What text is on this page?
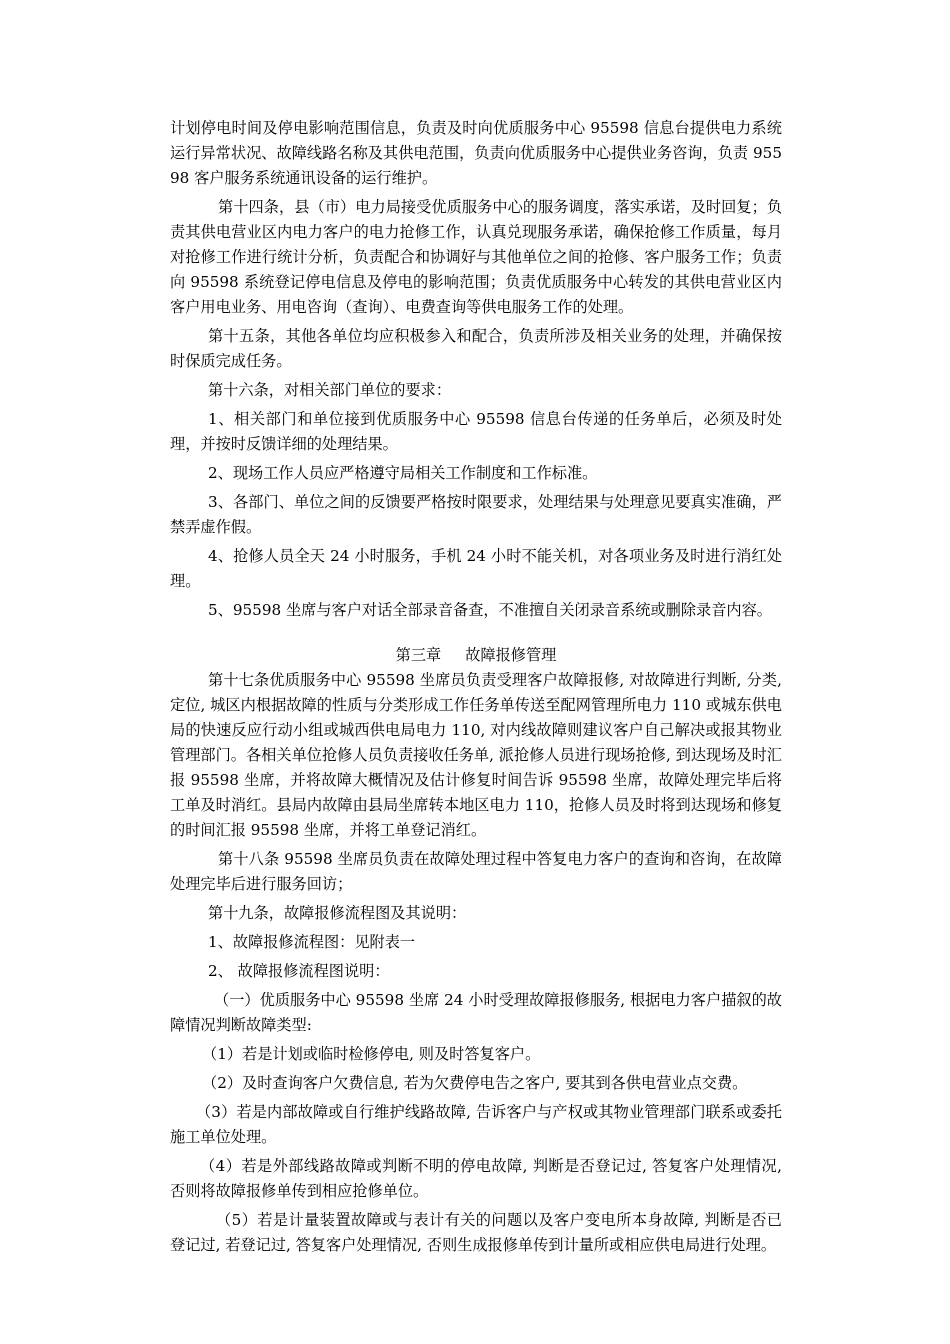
计划停电时间及停电影响范围信息，负责及时向优质服务中心 95598 信息台提供电力系统运行异常状况、故障线路名称及其供电范围，负责向优质服务中心提供业务咨询，负责 95598 客户服务系统通讯设备的运行维护。

第十四条，县（市）电力局接受优质服务中心的服务调度，落实承诺，及时回复；负责其供电营业区内电力客户的电力抢修工作，认真兑现服务承诺，确保抢修工作质量，每月对抢修工作进行统计分析，负责配合和协调好与其他单位之间的抢修、客户服务工作；负责向 95598 系统登记停电信息及停电的影响范围；负责优质服务中心转发的其供电营业区内客户用电业务、用电咨询（查询）、电费查询等供电服务工作的处理。

第十五条，其他各单位均应积极参入和配合，负责所涉及相关业务的处理，并确保按时保质完成任务。

第十六条，对相关部门单位的要求：

1、相关部门和单位接到优质服务中心 95598 信息台传递的任务单后，必须及时处理，并按时反馈详细的处理结果。

2、现场工作人员应严格遵守局相关工作制度和工作标准。

3、各部门、单位之间的反馈要严格按时限要求，处理结果与处理意见要真实准确，严禁弄虚作假。

4、抢修人员全天 24 小时服务，手机 24 小时不能关机，对各项业务及时进行消红处理。

5、95598 坐席与客户对话全部录音备查，不准擅自关闭录音系统或删除录音内容。

第三章 故障报修管理

第十七条优质服务中心 95598 坐席员负责受理客户故障报修, 对故障进行判断, 分类, 定位, 城区内根据故障的性质与分类形成工作任务单传送至配网管理所电力 110 或城东供电局的快速反应行动小组或城西供电局电力 110, 对内线故障则建议客户自己解决或报其物业管理部门。各相关单位抢修人员负责接收任务单, 派抢修人员进行现场抢修, 到达现场及时汇报 95598 坐席，并将故障大概情况及估计修复时间告诉 95598 坐席，故障处理完毕后将工单及时消红。县局内故障由县局坐席转本地区电力 110，抢修人员及时将到达现场和修复的时间汇报 95598 坐席，并将工单登记消红。

第十八条 95598 坐席员负责在故障处理过程中答复电力客户的查询和咨询，在故障处理完毕后进行服务回访；

第十九条，故障报修流程图及其说明：

1、故障报修流程图：见附表一

2、 故障报修流程图说明：

（一）优质服务中心 95598 坐席 24 小时受理故障报修服务, 根据电力客户描叙的故障情况判断故障类型:

（1）若是计划或临时检修停电, 则及时答复客户。

（2）及时查询客户欠费信息, 若为欠费停电告之客户, 要其到各供电营业点交费。

（3）若是内部故障或自行维护线路故障, 告诉客户与产权或其物业管理部门联系或委托施工单位处理。

（4）若是外部线路故障或判断不明的停电故障, 判断是否登记过, 答复客户处理情况, 否则将故障报修单传到相应抢修单位。

（5）若是计量装置故障或与表计有关的问题以及客户变电所本身故障, 判断是否已登记过, 若登记过, 答复客户处理情况, 否则生成报修单传到计量所或相应供电局进行处理。
